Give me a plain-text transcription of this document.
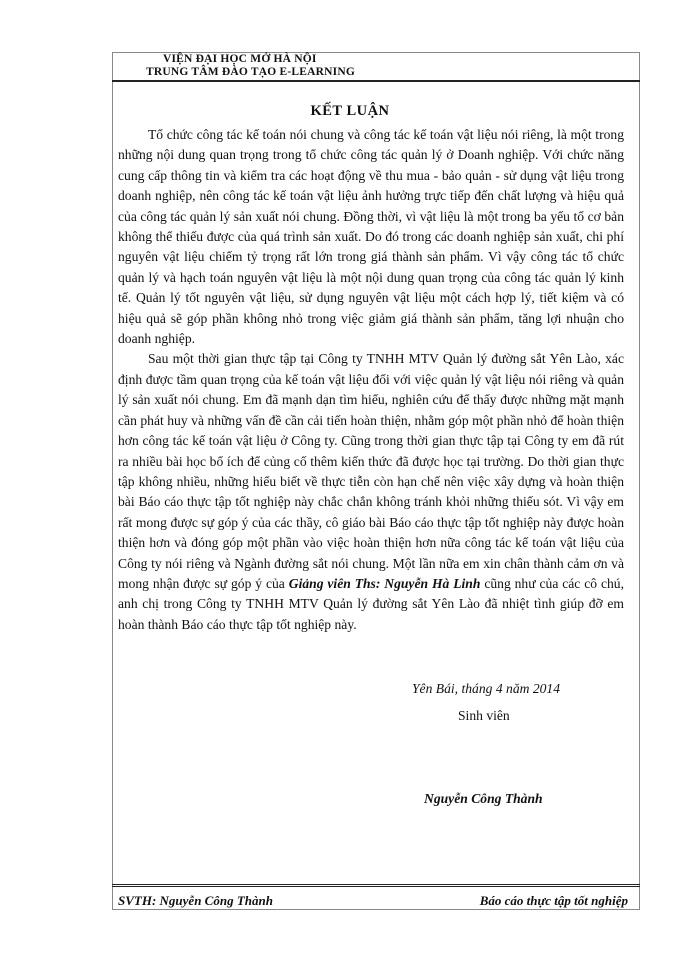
VIỆN ĐẠI HỌC MỞ HÀ NỘI
TRUNG TÂM ĐÀO TẠO E-LEARNING
KẾT LUẬN

Tổ chức công tác kế toán nói chung và công tác kế toán vật liệu nói riêng, là một trong những nội dung quan trọng trong tổ chức công tác quản lý ở Doanh nghiệp. Với chức năng cung cấp thông tin và kiểm tra các hoạt động về thu mua - bảo quản - sử dụng vật liệu trong doanh nghiệp, nên công tác kế toán vật liệu ảnh hưởng trực tiếp đến chất lượng và hiệu quả của công tác quản lý sản xuất nói chung. Đồng thời, vì vật liệu là một trong ba yếu tố cơ bản không thể thiếu được của quá trình sản xuất. Do đó trong các doanh nghiệp sản xuất, chi phí nguyên vật liệu chiếm tỷ trọng rất lớn trong giá thành sản phẩm. Vì vậy công tác tổ chức quản lý và hạch toán nguyên vật liệu là một nội dung quan trọng của công tác quản lý kinh tế. Quản lý tốt nguyên vật liệu, sử dụng nguyên vật liệu một cách hợp lý, tiết kiệm và có hiệu quả sẽ góp phần không nhỏ trong việc giảm giá thành sản phẩm, tăng lợi nhuận cho doanh nghiệp.

Sau một thời gian thực tập tại Công ty TNHH MTV Quản lý đường sắt Yên Lào, xác định được tầm quan trọng của kế toán vật liệu đối với việc quản lý vật liệu nói riêng và quản lý sản xuất nói chung. Em đã mạnh dạn tìm hiểu, nghiên cứu để thấy được những mặt mạnh cần phát huy và những vấn đề cần cải tiến hoàn thiện, nhằm góp một phần nhỏ để hoàn thiện hơn công tác kế toán vật liệu ở Công ty. Cũng trong thời gian thực tập tại Công ty em đã rút ra nhiều bài học bổ ích để củng cố thêm kiến thức đã được học tại trường. Do thời gian thực tập không nhiều, những hiểu biết về thực tiễn còn hạn chế nên việc xây dựng và hoàn thiện bài Báo cáo thực tập tốt nghiệp này chắc chắn không tránh khỏi những thiếu sót. Vì vậy em rất mong được sự góp ý của các thầy, cô giáo bài Báo cáo thực tập tốt nghiệp này được hoàn thiện hơn và đóng góp một phần vào việc hoàn thiện hơn nữa công tác kế toán vật liệu của Công ty nói riêng và Ngành đường sắt nói chung. Một lần nữa em xin chân thành cảm ơn và mong nhận được sự góp ý của Giảng viên Ths: Nguyễn Hà Linh cũng như của các cô chú, anh chị trong Công ty TNHH MTV Quản lý đường sắt Yên Lào đã nhiệt tình giúp đỡ em hoàn thành Báo cáo thực tập tốt nghiệp này.

Yên Bái, tháng 4 năm 2014
Sinh viên
Nguyễn Công Thành
SVTH: Nguyễn Công Thành	Báo cáo thực tập tốt nghiệp
